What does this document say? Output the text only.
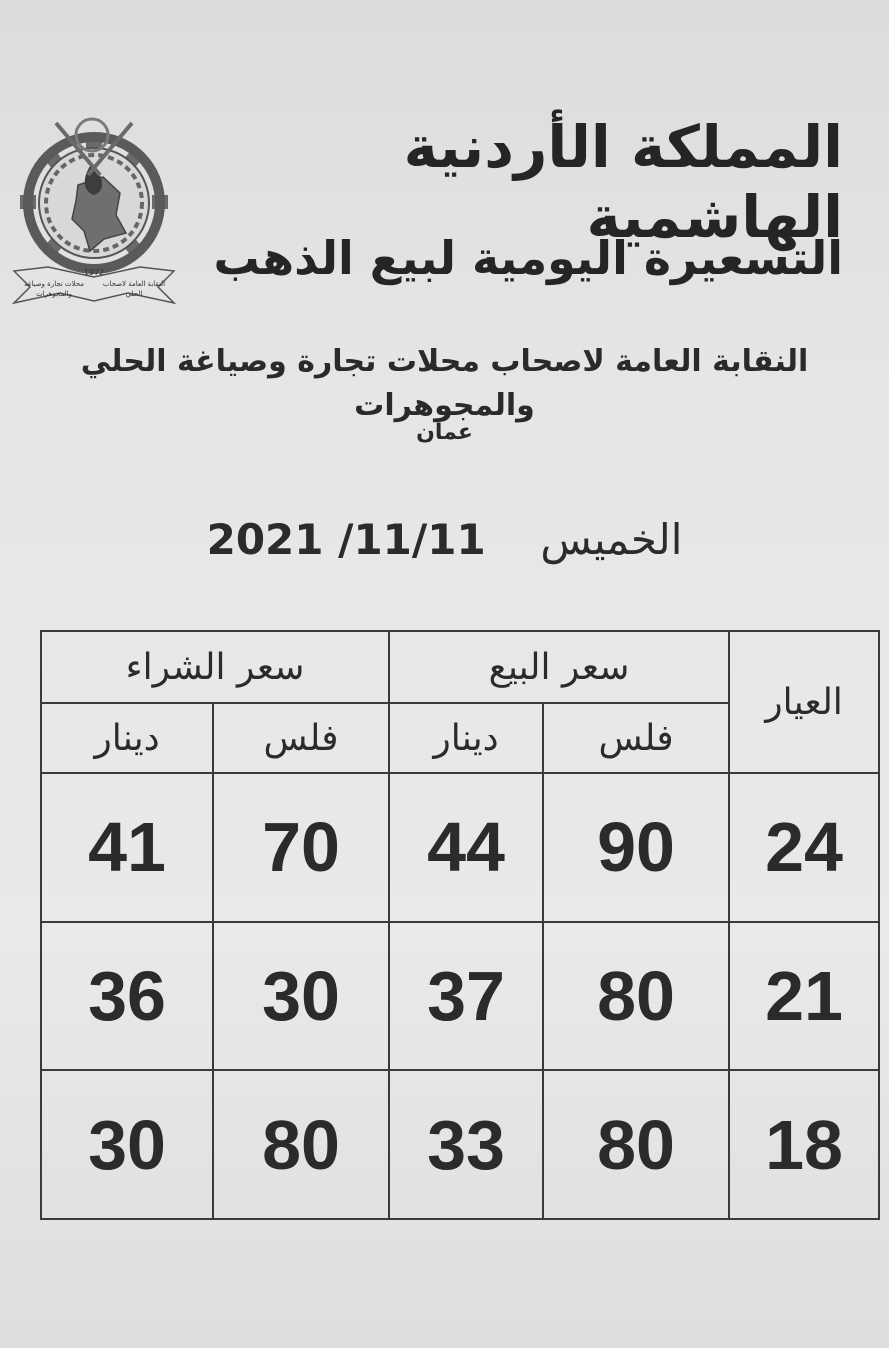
1972
النقابة العامة لاصحاب
الحلي
محلات تجارة وصياغة
والمجوهرات
المملكة الأردنية الهاشمية
التسعيرة اليومية لبيع الذهب
النقابة العامة لاصحاب محلات تجارة وصياغة الحلي والمجوهرات
عمان
الخميس 2021 /11/11
العيار	سعر البيع		سعر الشراء	
	فلس	دينار	فلس	دينار
24	90	44	70	41
21	80	37	30	36
18	80	33	80	30
